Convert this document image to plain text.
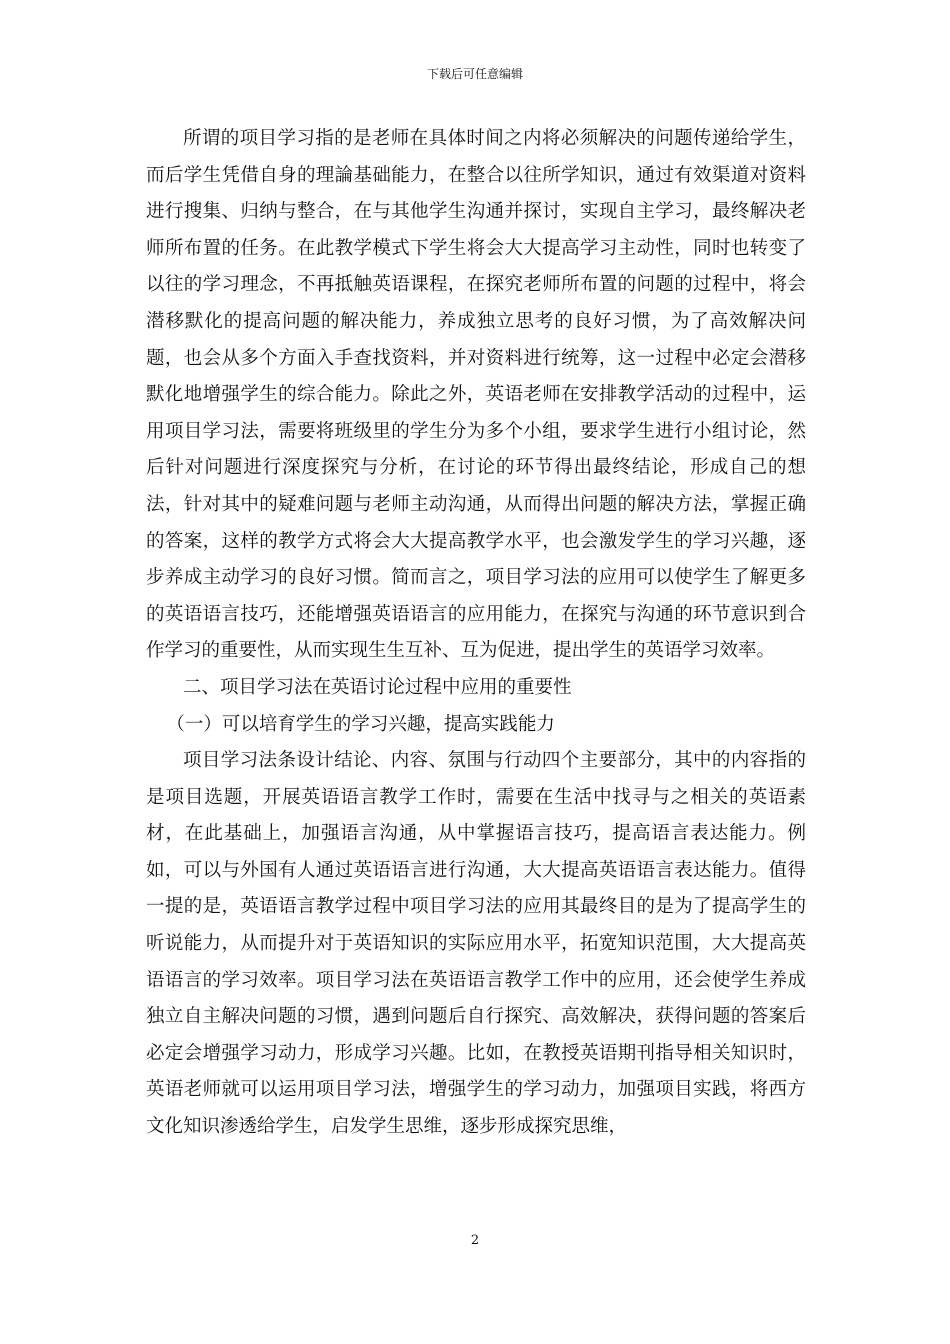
下载后可任意编辑

所谓的项目学习指的是老师在具体时间之内将必须解决的问题传递给学生，而后学生凭借自身的理論基础能力，在整合以往所学知识，通过有效渠道对资料进行搜集、归纳与整合，在与其他学生沟通并探讨，实现自主学习，最终解决老师所布置的任务。在此教学模式下学生将会大大提高学习主动性，同时也转变了以往的学习理念，不再抵触英语课程，在探究老师所布置的问题的过程中，将会潜移默化的提高问题的解决能力，养成独立思考的良好习惯，为了高效解决问题，也会从多个方面入手查找资料，并对资料进行统筹，这一过程中必定会潜移默化地增强学生的综合能力。除此之外，英语老师在安排教学活动的过程中，运用项目学习法，需要将班级里的学生分为多个小组，要求学生进行小组讨论，然后针对问题进行深度探究与分析，在讨论的环节得出最终结论，形成自己的想法，针对其中的疑难问题与老师主动沟通，从而得出问题的解决方法，掌握正确的答案，这样的教学方式将会大大提高教学水平，也会激发学生的学习兴趣，逐步养成主动学习的良好习惯。简而言之，项目学习法的应用可以使学生了解更多的英语语言技巧，还能增强英语语言的应用能力，在探究与沟通的环节意识到合作学习的重要性，从而实现生生互补、互为促进，提出学生的英语学习效率。

二、项目学习法在英语讨论过程中应用的重要性

（一）可以培育学生的学习兴趣，提高实践能力

项目学习法条设计结论、内容、氛围与行动四个主要部分，其中的内容指的是项目选题，开展英语语言教学工作时，需要在生活中找寻与之相关的英语素材，在此基础上，加强语言沟通，从中掌握语言技巧，提高语言表达能力。例如，可以与外国有人通过英语语言进行沟通，大大提高英语语言表达能力。值得一提的是，英语语言教学过程中项目学习法的应用其最终目的是为了提高学生的听说能力，从而提升对于英语知识的实际应用水平，拓宽知识范围，大大提高英语语言的学习效率。项目学习法在英语语言教学工作中的应用，还会使学生养成独立自主解决问题的习惯，遇到问题后自行探究、高效解决，获得问题的答案后必定会增强学习动力，形成学习兴趣。比如，在教授英语期刊指导相关知识时，英语老师就可以运用项目学习法，增强学生的学习动力，加强项目实践，将西方文化知识渗透给学生，启发学生思维，逐步形成探究思维，

2
